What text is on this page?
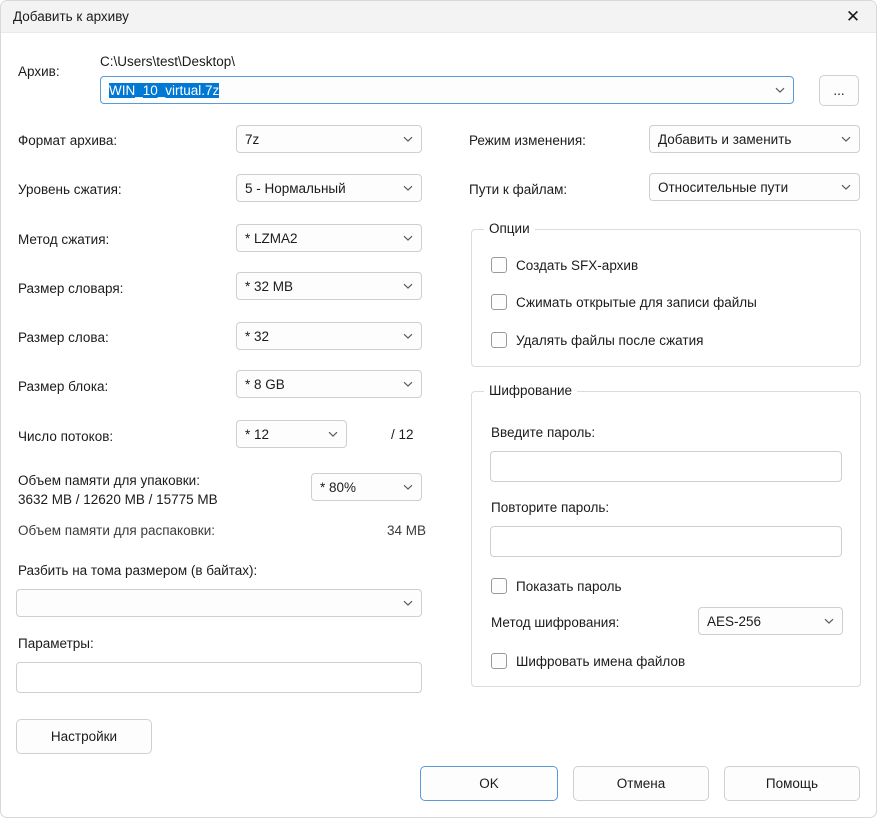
Добавить к архиву	✕
Архив:
C:\Users\test\Desktop\
WIN_10_virtual.7z	...
Формат архива:	7z
Уровень сжатия:	5 - Нормальный
Метод сжатия:	* LZMA2
Размер словаря:	* 32 MB
Размер слова:	* 32
Размер блока:	* 8 GB
Число потоков:	* 12	/ 12
Объем памяти для упаковки:
3632 MB / 12620 MB / 15775 MB
* 80%
Объем памяти для распаковки:	34 MB
Разбить на тома размером (в байтах):
Параметры:
Настройки
Режим изменения:	Добавить и заменить
Пути к файлам:	Относительные пути
Опции
Создать SFX-архив
Сжимать открытые для записи файлы
Удалять файлы после сжатия
Шифрование
Введите пароль:
Повторите пароль:
Показать пароль
Метод шифрования:	AES-256
Шифровать имена файлов
OK	Отмена	Помощь
